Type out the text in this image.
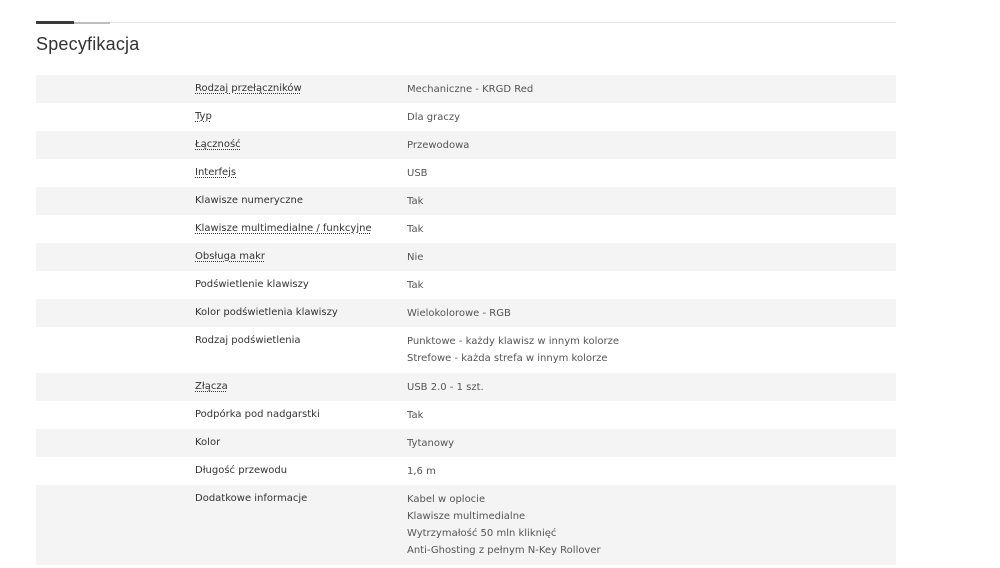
Specyfikacja
Rodzaj przełączników	Mechaniczne - KRGD Red
Typ	Dla graczy
Łączność	Przewodowa
Interfejs	USB
Klawisze numeryczne	Tak
Klawisze multimedialne / funkcyjne	Tak
Obsługa makr	Nie
Podświetlenie klawiszy	Tak
Kolor podświetlenia klawiszy	Wielokolorowe - RGB
Rodzaj podświetlenia	Punktowe - każdy klawisz w innym kolorze
Strefowe - każda strefa w innym kolorze
Złącza	USB 2.0 - 1 szt.
Podpórka pod nadgarstki	Tak
Kolor	Tytanowy
Długość przewodu	1,6 m
Dodatkowe informacje	Kabel w oplocie
Klawisze multimedialne
Wytrzymałość 50 mln kliknięć
Anti-Ghosting z pełnym N-Key Rollover
